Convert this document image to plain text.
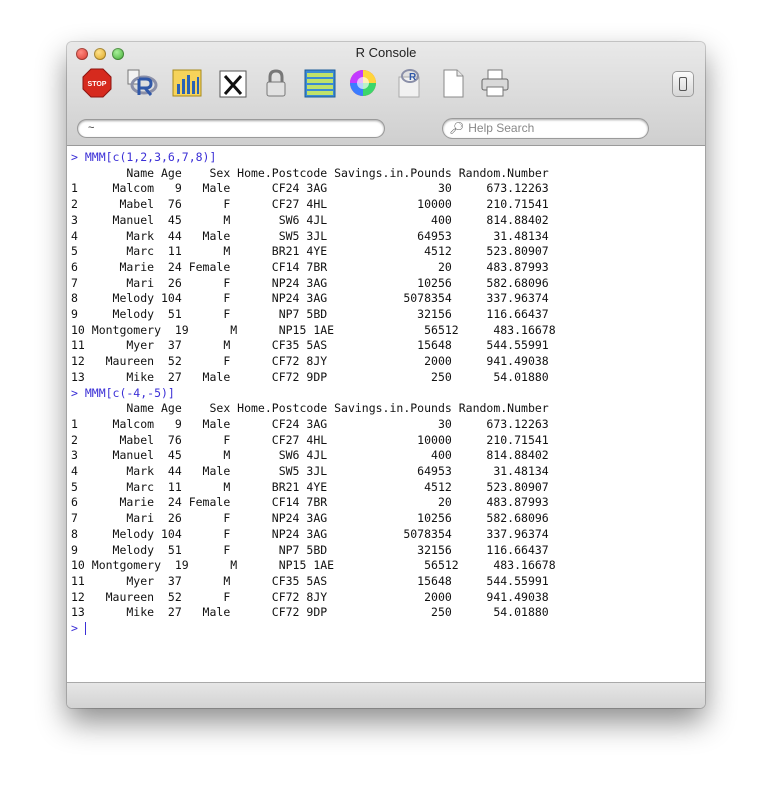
R Console
STOP
R
~	🔎︎ Help Search
> MMM[c(1,2,3,6,7,8)]
Name Age    Sex Home.Postcode Savings.in.Pounds Random.Number
1     Malcom   9   Male      CF24 3AG                30     673.12263
2      Mabel  76      F      CF27 4HL             10000     210.71541
3     Manuel  45      M       SW6 4JL               400     814.88402
4       Mark  44   Male       SW5 3JL             64953      31.48134
5       Marc  11      M      BR21 4YE              4512     523.80907
6      Marie  24 Female      CF14 7BR                20     483.87993
7       Mari  26      F      NP24 3AG             10256     582.68096
8     Melody 104      F      NP24 3AG           5078354     337.96374
9     Melody  51      F       NP7 5BD             32156     116.66437
10 Montgomery  19      M      NP15 1AE             56512     483.16678
11      Myer  37      M      CF35 5AS             15648     544.55991
12   Maureen  52      F      CF72 8JY              2000     941.49038
13      Mike  27   Male      CF72 9DP               250      54.01880
> MMM[c(-4,-5)]
Name Age    Sex Home.Postcode Savings.in.Pounds Random.Number
1     Malcom   9   Male      CF24 3AG                30     673.12263
2      Mabel  76      F      CF27 4HL             10000     210.71541
3     Manuel  45      M       SW6 4JL               400     814.88402
4       Mark  44   Male       SW5 3JL             64953      31.48134
5       Marc  11      M      BR21 4YE              4512     523.80907
6      Marie  24 Female      CF14 7BR                20     483.87993
7       Mari  26      F      NP24 3AG             10256     582.68096
8     Melody 104      F      NP24 3AG           5078354     337.96374
9     Melody  51      F       NP7 5BD             32156     116.66437
10 Montgomery  19      M      NP15 1AE             56512     483.16678
11      Myer  37      M      CF35 5AS             15648     544.55991
12   Maureen  52      F      CF72 8JY              2000     941.49038
13      Mike  27   Male      CF72 9DP               250      54.01880
>
